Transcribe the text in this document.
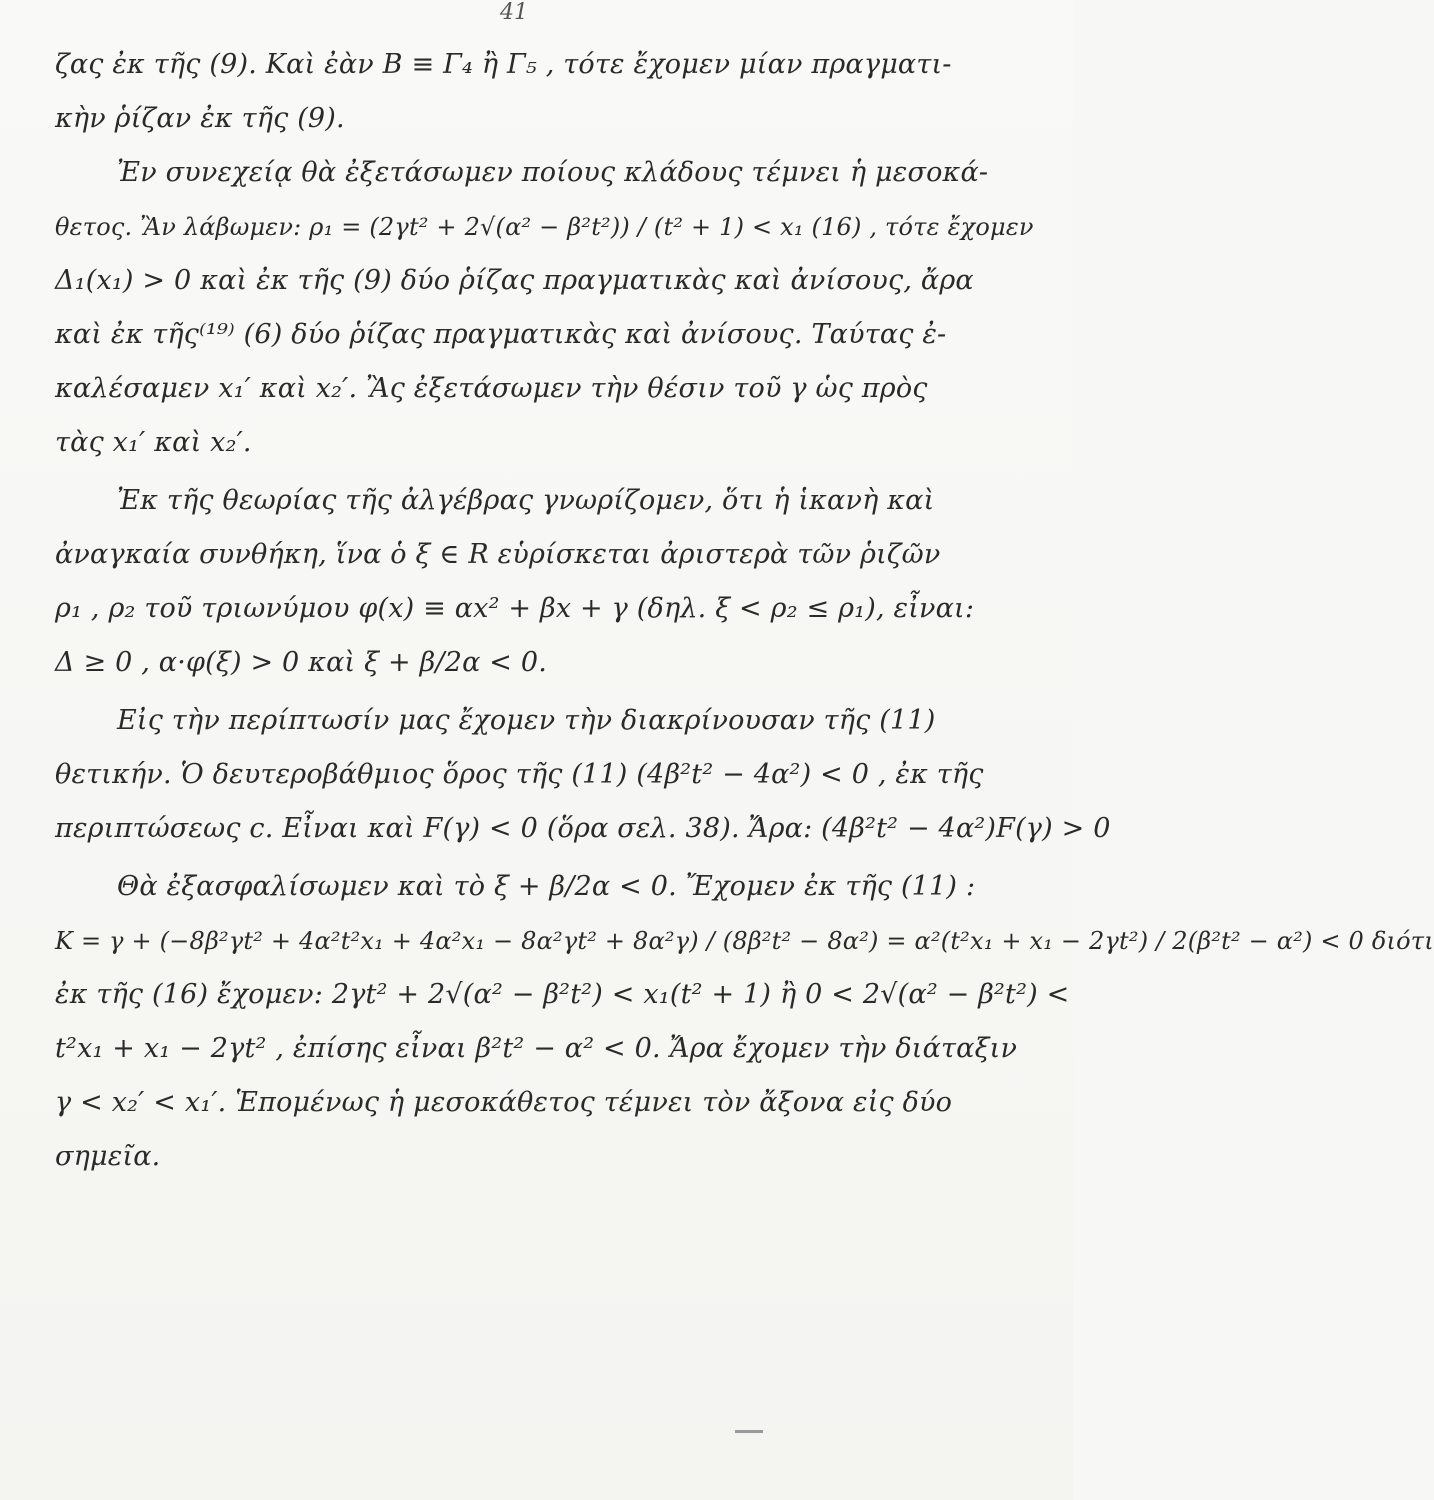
41
ζας ἐκ τῆς (9). Καὶ ἐὰν B ≡ Γ₄ ἢ Γ₅ , τότε ἔχομεν μίαν πραγματι-
κὴν ῥίζαν ἐκ τῆς (9).
Ἐν συνεχείᾳ θὰ ἐξετάσωμεν ποίους κλάδους τέμνει ἡ μεσοκά-
θετος. Ἂν λάβωμεν: ρ₁ = (2γt² + 2√(α² − β²t²)) / (t² + 1) < x₁ (16) , τότε ἔχομεν
Δ₁(x₁) > 0 καὶ ἐκ τῆς (9) δύο ῥίζας πραγματικὰς καὶ ἀνίσους, ἄρα
καὶ ἐκ τῆς⁽¹⁹⁾ (6) δύο ῥίζας πραγματικὰς καὶ ἀνίσους. Ταύτας ἐ-
καλέσαμεν x₁′ καὶ x₂′. Ἂς ἐξετάσωμεν τὴν θέσιν τοῦ γ ὡς πρὸς
τὰς x₁′ καὶ x₂′.
Ἐκ τῆς θεωρίας τῆς ἀλγέβρας γνωρίζομεν, ὅτι ἡ ἱκανὴ καὶ
ἀναγκαία συνθήκη, ἵνα ὁ ξ ∈ R εὑρίσκεται ἀριστερὰ τῶν ῥιζῶν
ρ₁ , ρ₂ τοῦ τριωνύμου φ(x) ≡ αx² + βx + γ (δηλ. ξ < ρ₂ ≤ ρ₁), εἶναι:
Δ ≥ 0 , α·φ(ξ) > 0 καὶ ξ + β/2α < 0.
Εἰς τὴν περίπτωσίν μας ἔχομεν τὴν διακρίνουσαν τῆς (11)
θετικήν. Ὁ δευτεροβάθμιος ὅρος τῆς (11) (4β²t² − 4α²) < 0 , ἐκ τῆς
περιπτώσεως c. Εἶναι καὶ F(γ) < 0 (ὅρα σελ. 38). Ἄρα: (4β²t² − 4α²)F(γ) > 0
Θὰ ἐξασφαλίσωμεν καὶ τὸ ξ + β/2α < 0. Ἔχομεν ἐκ τῆς (11) :
K = γ + (−8β²γt² + 4α²t²x₁ + 4α²x₁ − 8α²γt² + 8α²γ) / (8β²t² − 8α²) = α²(t²x₁ + x₁ − 2γt²) / 2(β²t² − α²) < 0 διότι
ἐκ τῆς (16) ἔχομεν: 2γt² + 2√(α² − β²t²) < x₁(t² + 1) ἢ 0 < 2√(α² − β²t²) <
t²x₁ + x₁ − 2γt² , ἐπίσης εἶναι β²t² − α² < 0. Ἄρα ἔχομεν τὴν διάταξιν
γ < x₂′ < x₁′. Ἑπομένως ἡ μεσοκάθετος τέμνει τὸν ἄξονα εἰς δύο
σημεῖα.
